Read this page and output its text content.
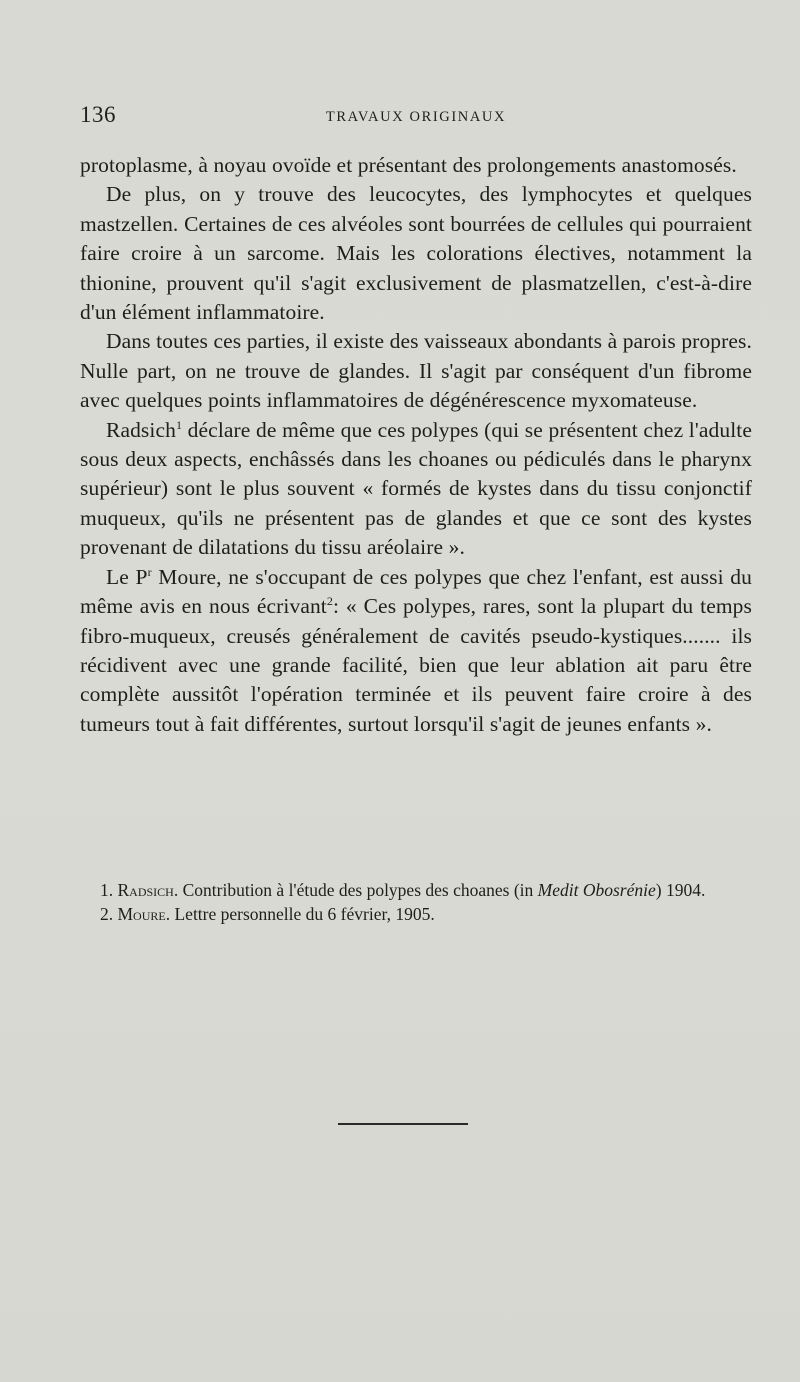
136	TRAVAUX ORIGINAUX

protoplasme, à noyau ovoïde et présentant des prolongements anastomosés.

De plus, on y trouve des leucocytes, des lymphocytes et quelques mastzellen. Certaines de ces alvéoles sont bourrées de cellules qui pourraient faire croire à un sarcome. Mais les colorations électives, notamment la thionine, prouvent qu'il s'agit exclusivement de plasmatzellen, c'est-à-dire d'un élément inflammatoire.

Dans toutes ces parties, il existe des vaisseaux abondants à parois propres. Nulle part, on ne trouve de glandes. Il s'agit par conséquent d'un fibrome avec quelques points inflammatoires de dégénérescence myxomateuse.

Radsich$^1$ déclare de même que ces polypes (qui se présentent chez l'adulte sous deux aspects, enchâssés dans les choanes ou pédiculés dans le pharynx supérieur) sont le plus souvent « formés de kystes dans du tissu conjonctif muqueux, qu'ils ne présentent pas de glandes et que ce sont des kystes provenant de dilatations du tissu aréolaire ».

Le $P^r$ Moure, ne s'occupant de ces polypes que chez l'enfant, est aussi du même avis en nous écrivant$^2$: « Ces polypes, rares, sont la plupart du temps fibro-muqueux, creusés généralement de cavités pseudo-kystiques....... ils récidivent avec une grande facilité, bien que leur ablation ait paru être complète aussitôt l'opération terminée et ils peuvent faire croire à des tumeurs tout à fait différentes, surtout lorsqu'il s'agit de jeunes enfants ».

1. Radsich. Contribution à l'étude des polypes des choanes (in Medit Obosrénie) 1904.

2. Moure. Lettre personnelle du 6 février, 1905.
